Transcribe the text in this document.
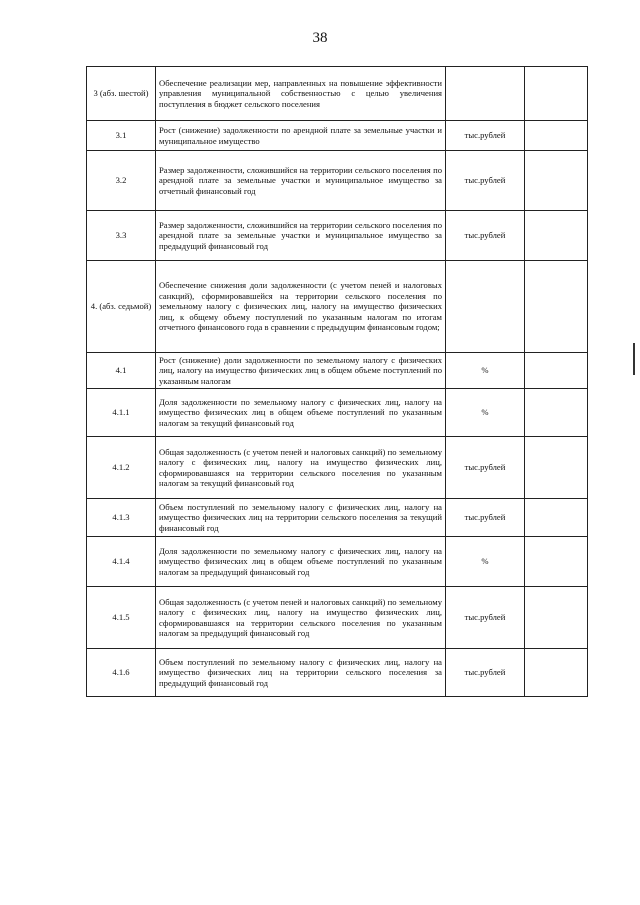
38
3 (абз. шестой)	Обеспечение реализации мер, направленных на повышение эффективности управления муниципальной собственностью с целью увеличения поступления в бюджет сельского поселения		
3.1	Рост (снижение) задолженности по арендной плате за земельные участки и муниципальное имущество	тыс.рублей	
3.2	Размер задолженности, сложившийся на территории сельского поселения по арендной плате за земельные участки и муниципальное имущество за отчетный финансовый год	тыс.рублей	
3.3	Размер задолженности, сложившийся на территории сельского поселения по арендной плате за земельные участки и муниципальное имущество за предыдущий финансовый год	тыс.рублей	
4. (абз. седьмой)	Обеспечение снижения доли задолженности (с учетом пеней и налоговых санкций), сформировавшейся на территории сельского поселения по земельному налогу с физических лиц, налогу на имущество физических лиц, к общему объему поступлений по указанным налогам по итогам отчетного финансового года в сравнении с предыдущим финансовым годом;		
4.1	Рост (снижение) доли задолженности по земельному налогу с физических лиц, налогу на имущество физических лиц в общем объеме поступлений по указанным налогам	%	
4.1.1	Доля задолженности по земельному налогу с физических лиц, налогу на имущество физических лиц в общем объеме поступлений по указанным налогам за текущий финансовый год	%	
4.1.2	Общая задолженность (с учетом пеней и налоговых санкций) по земельному налогу с физических лиц, налогу на имущество физических лиц, сформировавшаяся на территории сельского поселения по указанным налогам за текущий финансовый год	тыс.рублей	
4.1.3	Объем поступлений по земельному налогу с физических лиц, налогу на имущество физических лиц на территории сельского поселения за текущий финансовый год	тыс.рублей	
4.1.4	Доля задолженности по земельному налогу с физических лиц, налогу на имущество физических лиц в общем объеме поступлений по указанным налогам за предыдущий финансовый год	%	
4.1.5	Общая задолженность (с учетом пеней и налоговых санкций) по земельному налогу с физических лиц, налогу на имущество физических лиц, сформировавшаяся на территории сельского поселения по указанным налогам за предыдущий финансовый год	тыс.рублей	
4.1.6	Объем поступлений по земельному налогу с физических лиц, налогу на имущество физических лиц на территории сельского поселения за предыдущий финансовый год	тыс.рублей	
